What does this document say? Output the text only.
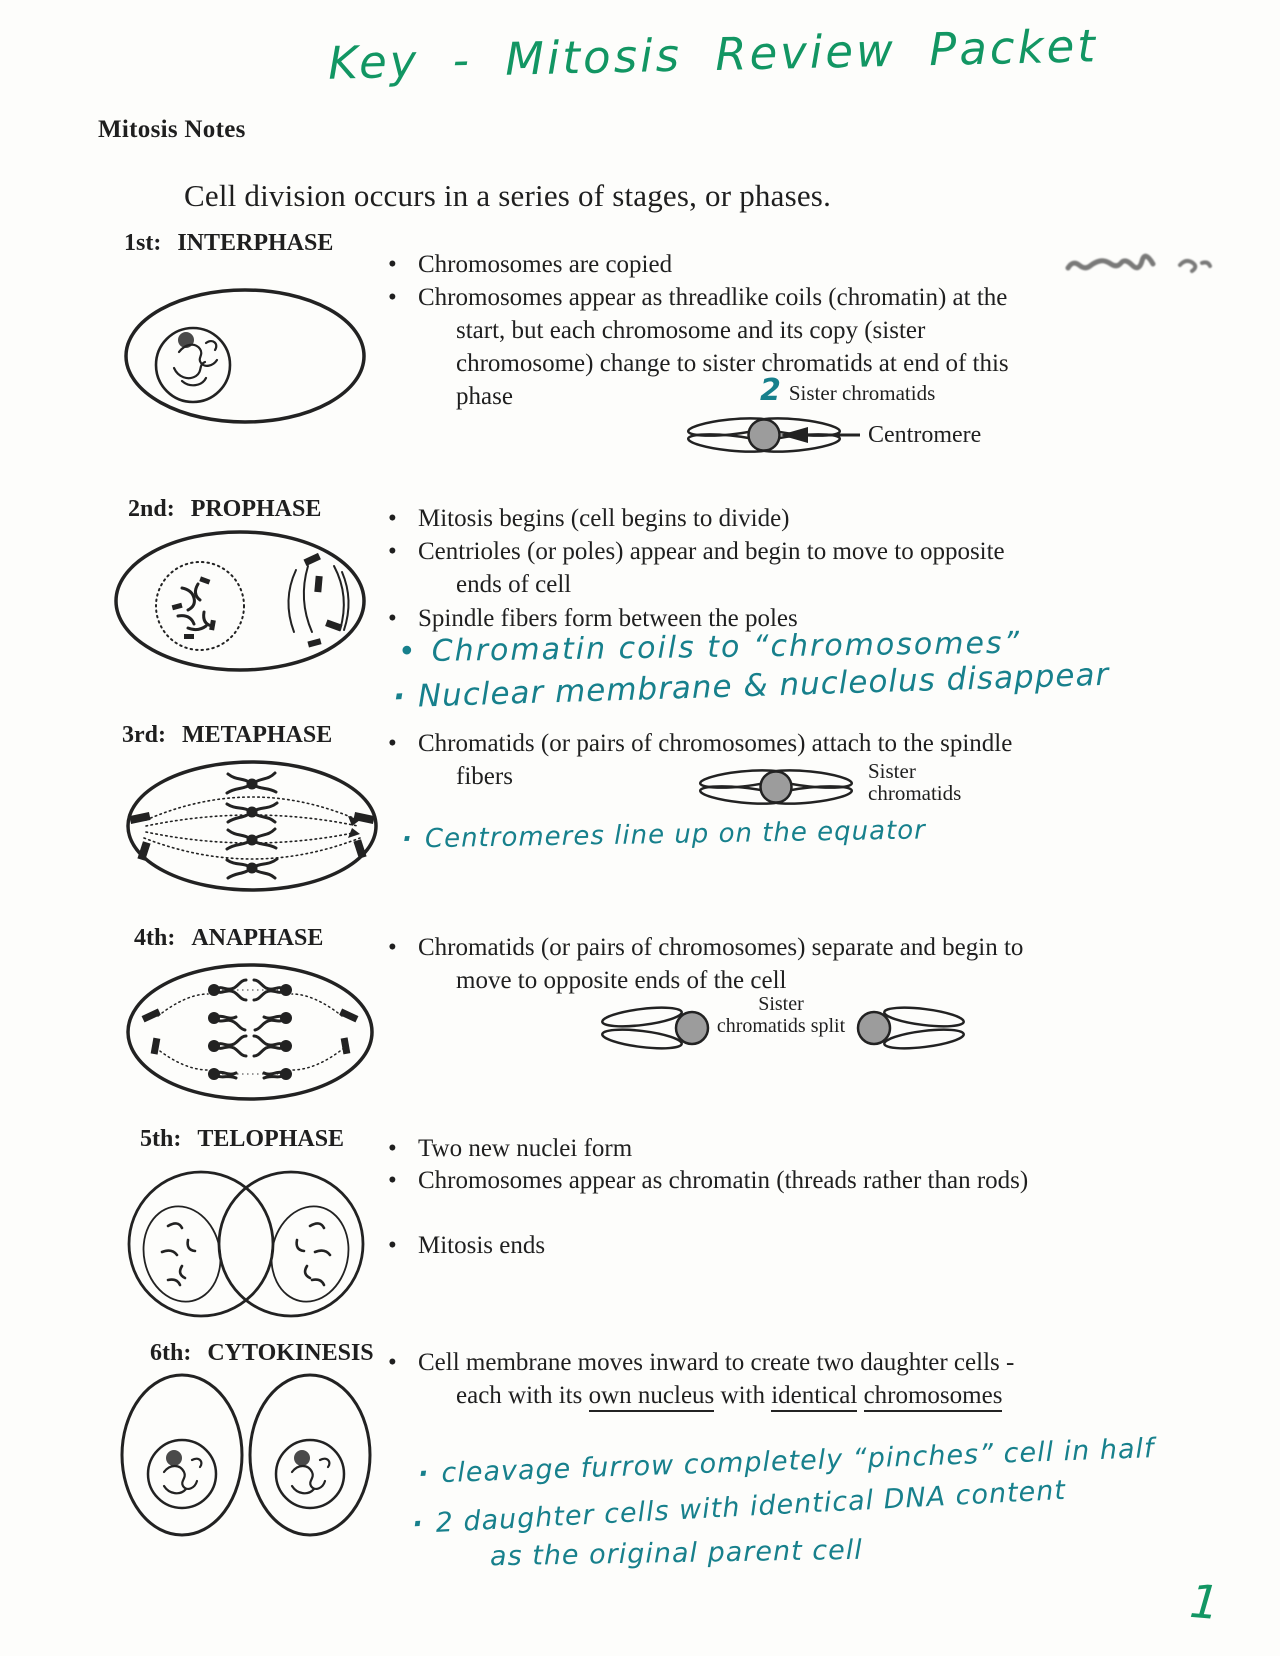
Key - Mitosis Review Packet
Mitosis Notes
Cell division occurs in a series of stages, or phases.
1st: INTERPHASE
•
Chromosomes are copied
•
Chromosomes appear as threadlike coils (chromatin) at the start, but each chromosome and its copy (sister chromosome) change to sister chromatids at end of this phase	2 Sister chromatids
Centromere
2nd: PROPHASE •	Mitosis begins (cell begins to divide)
•
Centrioles (or poles) appear and begin to move to opposite ends of cell
•
Spindle fibers form between the poles
• Chromatin coils to “chromosomes”
· Nuclear membrane & nucleolus disappear
3rd: METAPHASE •	Chromatids (or pairs of chromosomes) attach to the spindle fibers	Sister chromatids
· Centromeres line up on the equator
4th: ANAPHASE •	Chromatids (or pairs of chromosomes) separate and begin to move to opposite ends of the cell
Sister chromatids split
5th: TELOPHASE •	Two new nuclei form
•
Chromosomes appear as chromatin (threads rather than rods)
•
Mitosis ends
6th: CYTOKINESIS • Cell membrane moves inward to create two daughter cells - each with its own nucleus with identical chromosomes
· cleavage furrow completely “pinches” cell in half
· 2 daughter cells with identical DNA content
as the original parent cell
1
